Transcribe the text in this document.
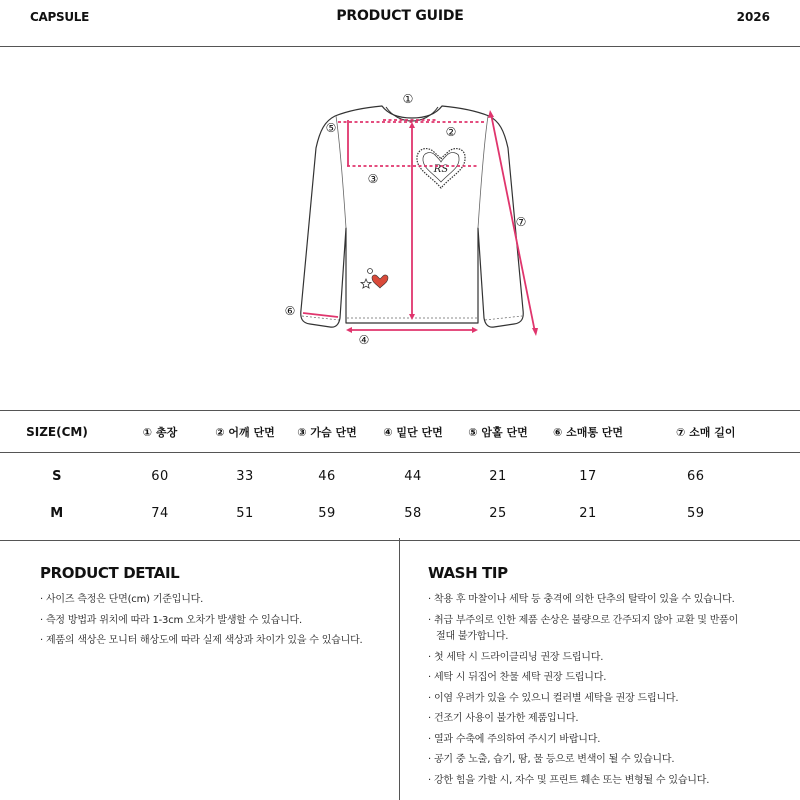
CAPSULE	PRODUCT GUIDE	2026
RS
①
②
③
④
⑤
⑥
⑦
SIZE(CM)	① 총장	② 어깨 단면	③ 가슴 단면	④ 밑단 단면	⑤ 암홀 단면	⑥ 소매통 단면	⑦ 소매 길이
S	60	33	46	44	21	17	66
M	74	51	59	58	25	21	59
PRODUCT DETAIL
· 사이즈 측정은 단면(cm) 기준입니다.
· 측정 방법과 위치에 따라 1-3cm 오차가 발생할 수 있습니다.
· 제품의 색상은 모니터 해상도에 따라 실제 색상과 차이가 있을 수 있습니다.
WASH TIP
· 착용 후 마찰이나 세탁 등 충격에 의한 단추의 탈락이 있을 수 있습니다.
· 취급 부주의로 인한 제품 손상은 불량으로 간주되지 않아 교환 및 반품이
절대 불가합니다.
· 첫 세탁 시 드라이클리닝 권장 드립니다.
· 세탁 시 뒤집어 찬물 세탁 권장 드립니다.
· 이염 우려가 있을 수 있으니 컬러별 세탁을 권장 드립니다.
· 건조기 사용이 불가한 제품입니다.
· 열과 수축에 주의하여 주시기 바랍니다.
· 공기 중 노출, 습기, 땀, 물 등으로 변색이 될 수 있습니다.
· 강한 힘을 가할 시, 자수 및 프린트 훼손 또는 변형될 수 있습니다.
